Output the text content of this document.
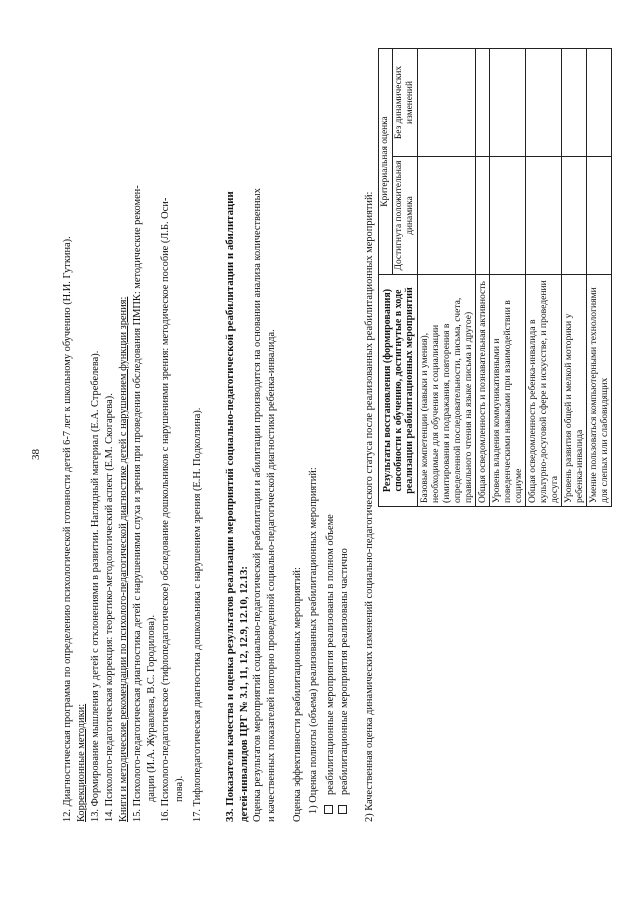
38 12. Диагностическая программа по определению психологической готовности детей 6-7 лет к школьному обучению (Н.И. Гуткина). Коррекционные методики: 13. Формирование мышления у детей с отклонениями в развитии. Наглядный материал (Е.А. Стребелева). 14. Психолого-педагогическая коррекция: теоретико-методологический аспект (Е.М. Скогарева). Книги и методические рекомендации по психолого-педагогической диагностике детей с нарушением функции зрения: 15. Психолого-педагогическая диагностика детей с нарушениями слуха и зрения при проведении обследования ПМПК: методические рекомен- дации (И.А. Журавлева, В.С. Городилова). 16. Психолого-педагогическое (тифлопедагогическое) обследование дошкольников с нарушениями зрения: методическое пособие (Л.Б. Оси- пова). 17. Тифлопедагогическая диагностика дошкольника с нарушением зрения (Е.Н. Подколзина). 33. Показатели качества и оценка результатов реализации мероприятий социально-педагогической реабилитации и абилитации детей-инвалидов ЦРГ № 3.1, 11, 12, 12.9, 12.10, 12.13: Оценка результатов мероприятий социально-педагогической реабилитации и абилитации производится на основании анализа количественных и качественных показателей повторно проведенной социально-педагогической диагностики ребенка-инвалида. Оценка эффективности реабилитационных мероприятий: 1) Оценка полноты (объема) реализованных реабилитационных мероприятий: реабилитационные мероприятия реализованы в полном объеме реабилитационные мероприятия реализованы частично 2) Качественная оценка динамических изменений социально-педагогического статуса после реализованных реабилитационных мероприятий: Результаты восстановления (формирования) способности к обучению, достигнутые в ходе реализации реабилитационных мероприятий	Критериальная оценка	
	Достигнута положительная динамика	Без динамических изменений
Базовые компетенции (навыки и умения), необходимые для обучения и социализации (имитирования и подражания, повторения в определенной последовательности, письма, счета, правильного чтения на языке письма и другое)		
Общая осведомленность и познавательная активность		
Уровень владения коммуникативными и поведенческими навыками при взаимодействии в социуме		
Общая осведомленность ребенка-инвалида в культурно-досуговой сфере и искусстве, и проведении досуга		
Уровень развития общей и мелкой моторики у ребенка-инвалида		
Умение пользоваться компьютерными технологиями для слепых или слабовидящих		
